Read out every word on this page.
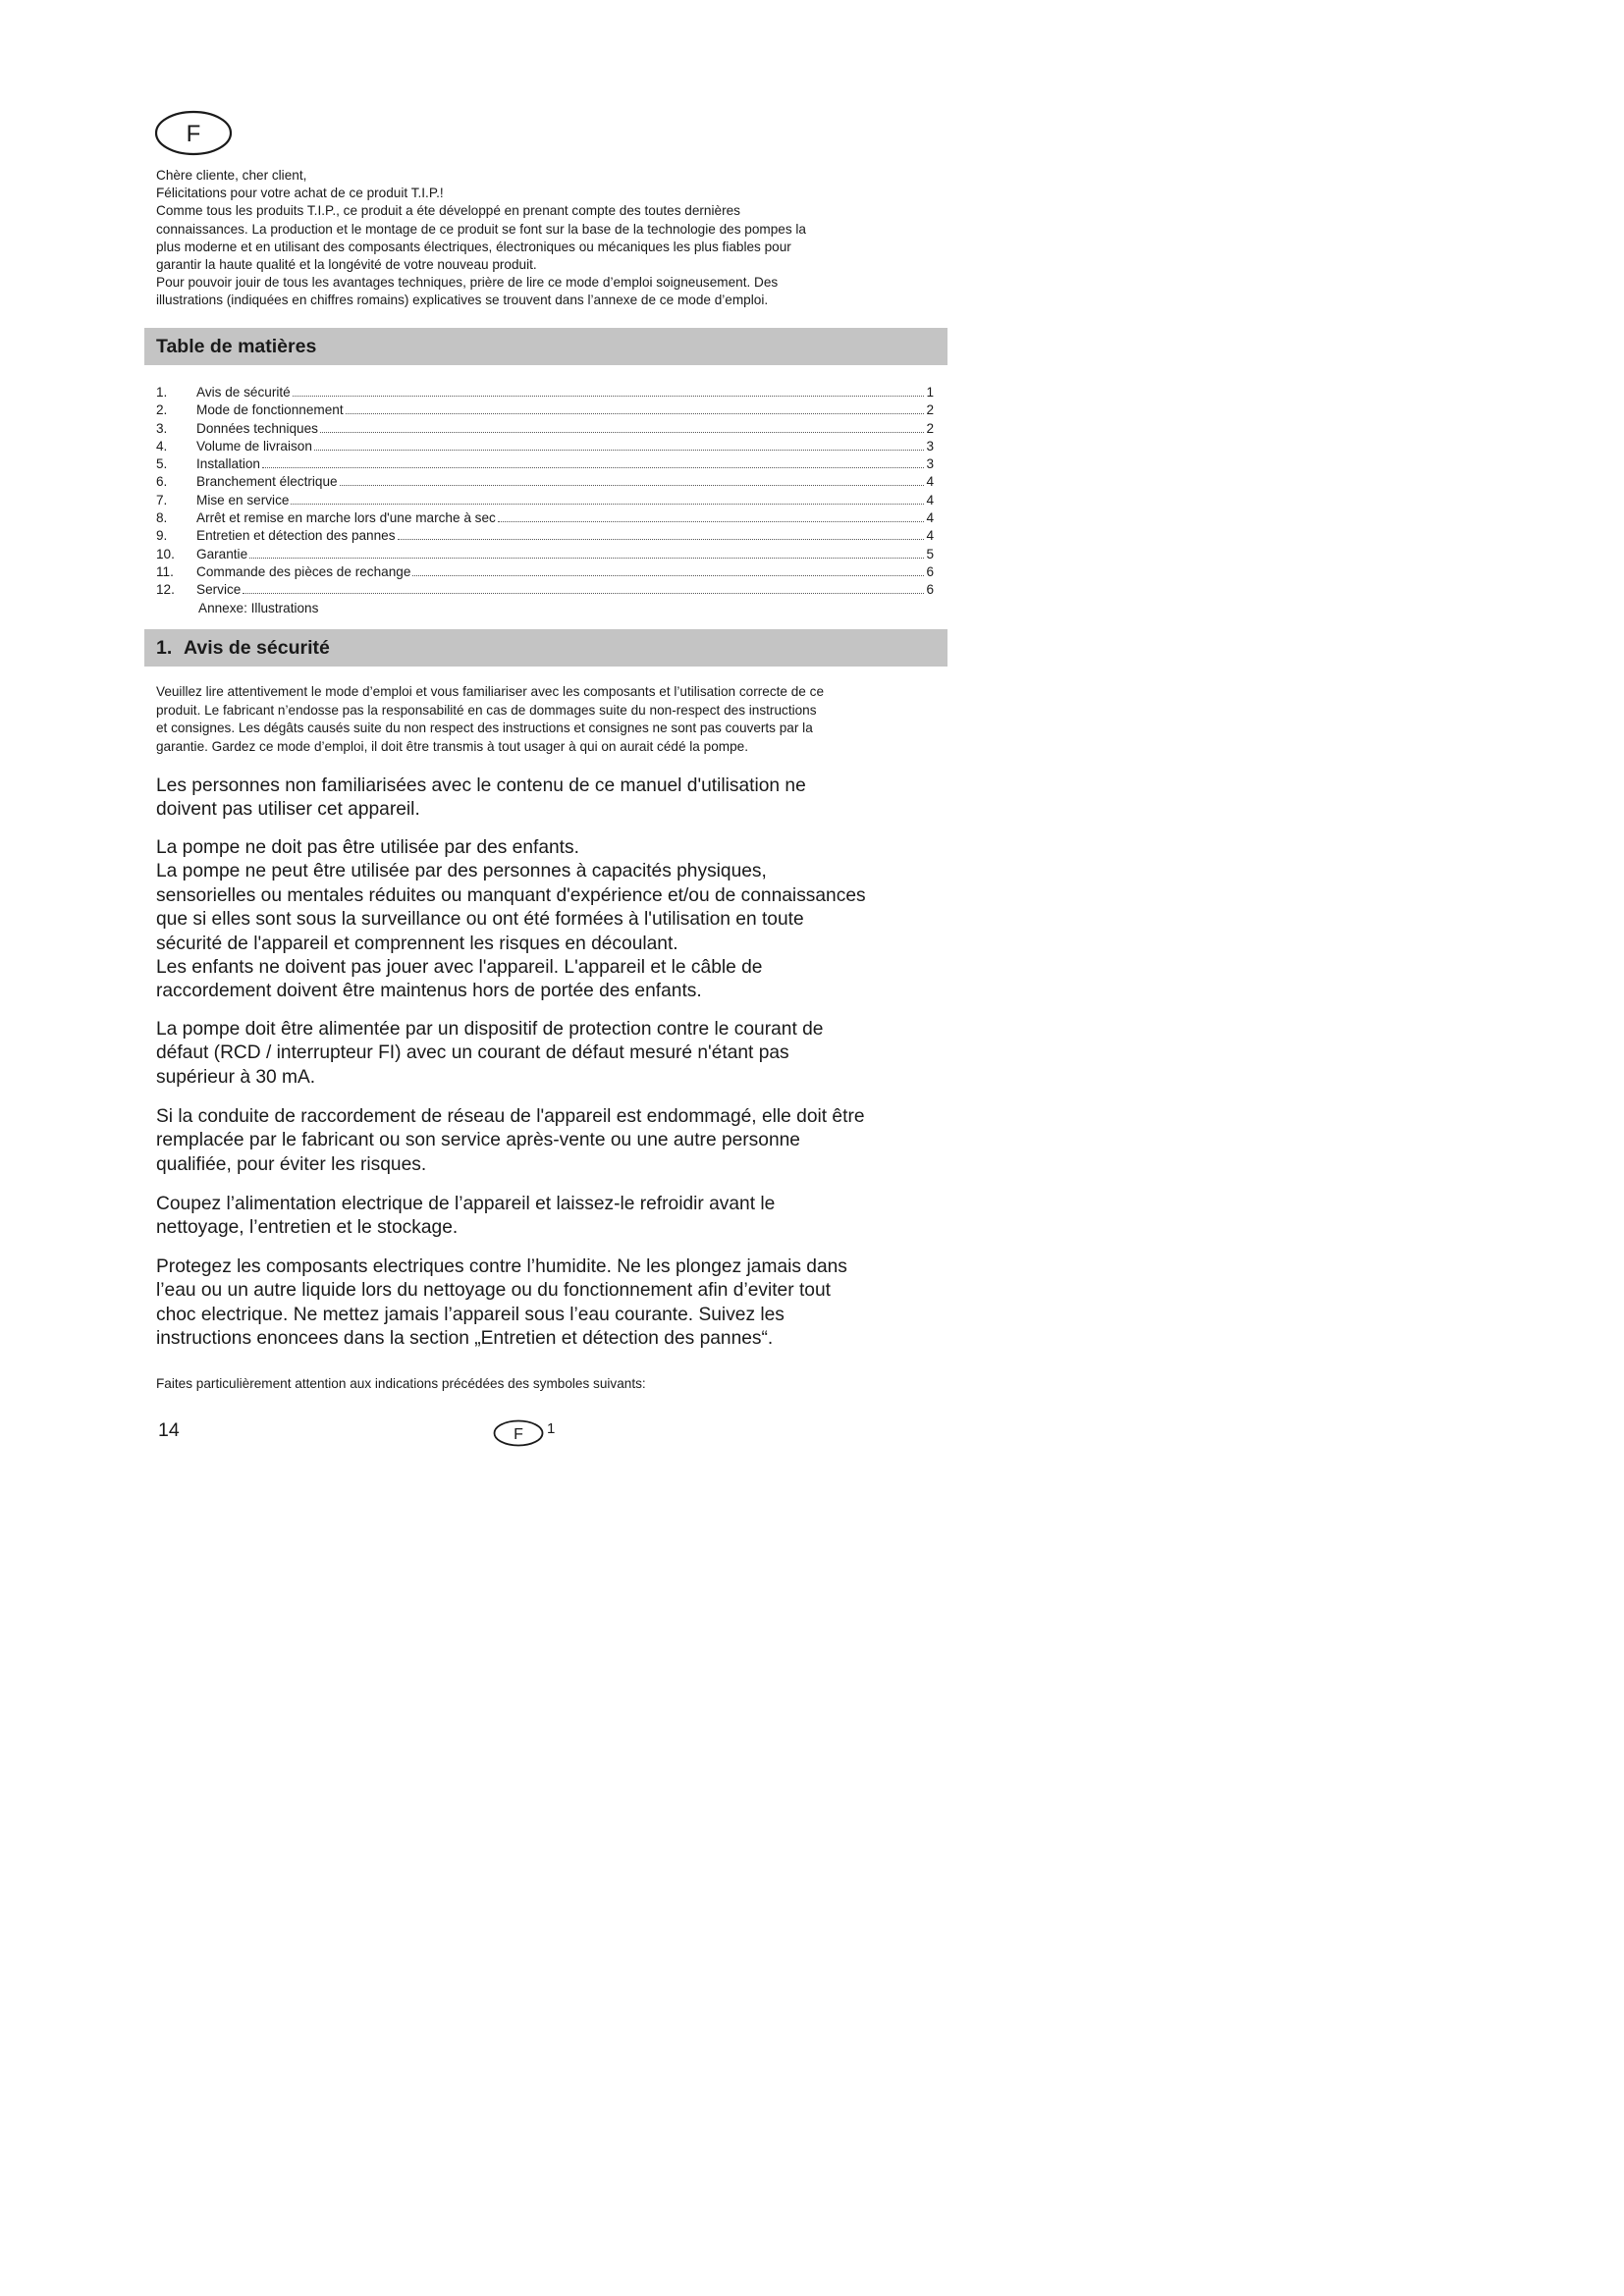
F

Chère cliente, cher client,

Félicitations pour votre achat de ce produit T.I.P.!

Comme tous les produits T.I.P., ce produit a éte développé en prenant compte des toutes dernières

connaissances. La production et le montage de ce produit se font sur la base de la technologie des pompes la

plus moderne et en utilisant des composants électriques, électroniques ou mécaniques les plus fiables pour

garantir la haute qualité et la longévité de votre nouveau produit.

Pour pouvoir jouir de tous les avantages techniques, prière de lire ce mode d’emploi soigneusement. Des

illustrations (indiquées en chiffres romains) explicatives se trouvent dans l’annexe de ce mode d’emploi.

Table de matières
1.	Avis de sécurité	1
2.	Mode de fonctionnement	2
3.	Données techniques	2
4.	Volume de livraison	3
5.	Installation	3
6.	Branchement électrique	4
7.	Mise en service	4
8.	Arrêt et remise en marche lors d'une marche à sec	4
9.	Entretien et détection des pannes	4
10.	Garantie	5
11.	Commande des pièces de rechange	6
12.	Service	6
Annexe: Illustrations
1. Avis de sécurité
Veuillez lire attentivement le mode d’emploi et vous familiariser avec les composants et l’utilisation correcte de ce
produit. Le fabricant n’endosse pas la responsabilité en cas de dommages suite du non-respect des instructions
et consignes. Les dégâts causés suite du non respect des instructions et consignes ne sont pas couverts par la
garantie. Gardez ce mode d’emploi, il doit être transmis à tout usager à qui on aurait cédé la pompe.
Les personnes non familiarisées avec le contenu de ce manuel d'utilisation ne
doivent pas utiliser cet appareil.
La pompe ne doit pas être utilisée par des enfants.
La pompe ne peut être utilisée par des personnes à capacités physiques,
sensorielles ou mentales réduites ou manquant d'expérience et/ou de connaissances
que si elles sont sous la surveillance ou ont été formées à l'utilisation en toute
sécurité de l'appareil et comprennent les risques en découlant.
Les enfants ne doivent pas jouer avec l'appareil. L'appareil et le câble de
raccordement doivent être maintenus hors de portée des enfants.
La pompe doit être alimentée par un dispositif de protection contre le courant de
défaut (RCD / interrupteur FI) avec un courant de défaut mesuré n'étant pas
supérieur à 30 mA.
Si la conduite de raccordement de réseau de l'appareil est endommagé, elle doit être
remplacée par le fabricant ou son service après-vente ou une autre personne
qualifiée, pour éviter les risques.
Coupez l’alimentation electrique de l’appareil et laissez-le refroidir avant le
nettoyage, l’entretien et le stockage.
Protegez les composants electriques contre l’humidite. Ne les plongez jamais dans
l’eau ou un autre liquide lors du nettoyage ou du fonctionnement afin d’eviter tout
choc electrique. Ne mettez jamais l’appareil sous l’eau courante. Suivez les
instructions enoncees dans la section „Entretien et détection des pannes“.

Faites particulièrement attention aux indications précédées des symboles suivants:

14	F 1
